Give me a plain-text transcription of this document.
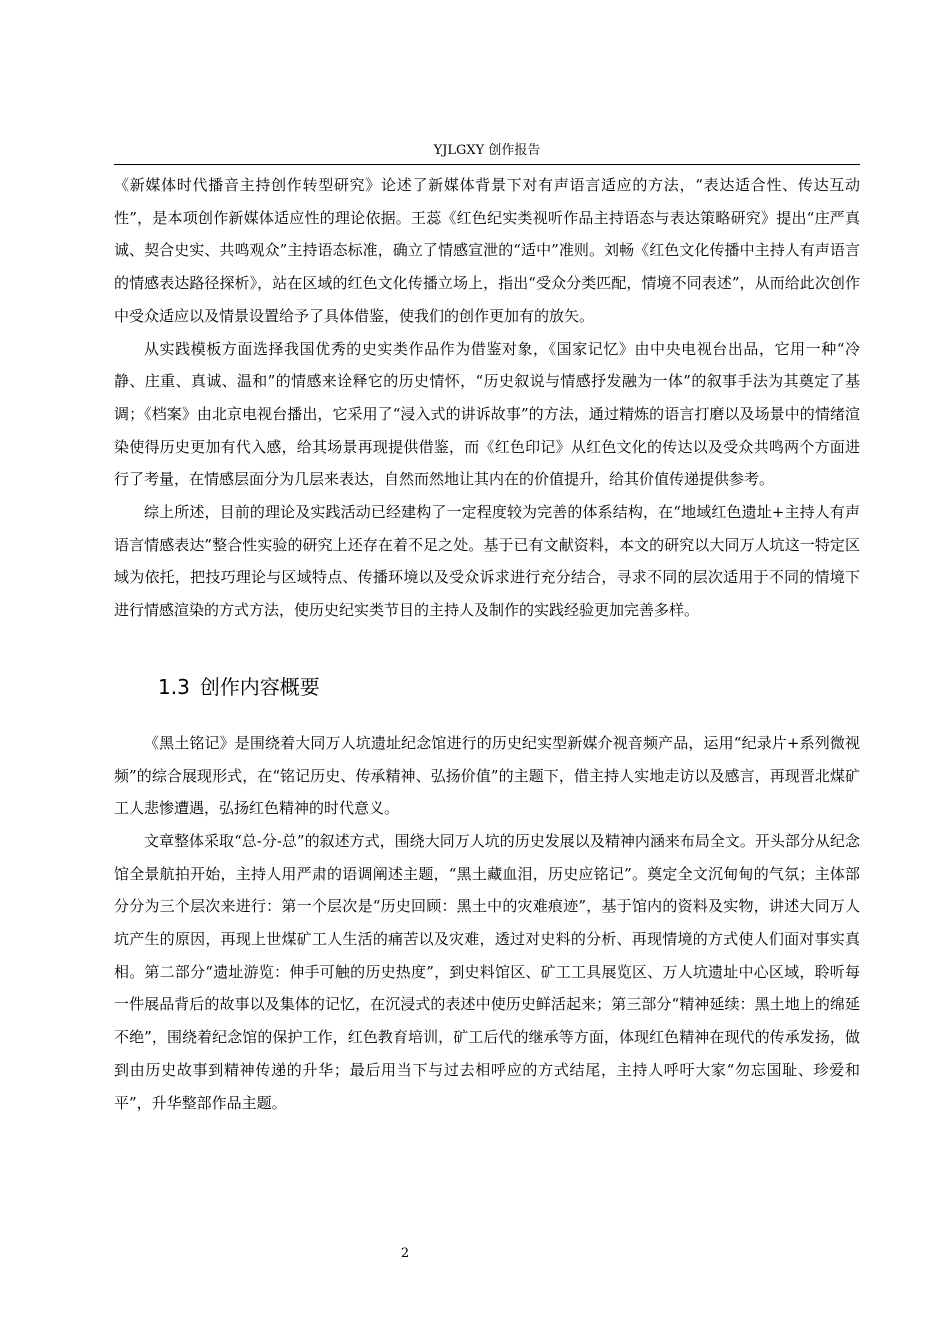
YJLGXY 创作报告

《新媒体时代播音主持创作转型研究》论述了新媒体背景下对有声语言适应的方法，“表达适合性、传达互动性”，是本项创作新媒体适应性的理论依据。王蕊《红色纪实类视听作品主持语态与表达策略研究》提出“庄严真诚、契合史实、共鸣观众”主持语态标准，确立了情感宣泄的“适中”准则。刘畅《红色文化传播中主持人有声语言的情感表达路径探析》，站在区域的红色文化传播立场上，指出“受众分类匹配，情境不同表述”，从而给此次创作中受众适应以及情景设置给予了具体借鉴，使我们的创作更加有的放矢。

从实践模板方面选择我国优秀的史实类作品作为借鉴对象，《国家记忆》由中央电视台出品，它用一种“冷静、庄重、真诚、温和”的情感来诠释它的历史情怀，“历史叙说与情感抒发融为一体”的叙事手法为其奠定了基调；《档案》由北京电视台播出，它采用了“浸入式的讲诉故事”的方法，通过精炼的语言打磨以及场景中的情绪渲染使得历史更加有代入感，给其场景再现提供借鉴，而《红色印记》从红色文化的传达以及受众共鸣两个方面进行了考量，在情感层面分为几层来表达，自然而然地让其内在的价值提升，给其价值传递提供参考。

综上所述，目前的理论及实践活动已经建构了一定程度较为完善的体系结构，在“地域红色遗址+主持人有声语言情感表达”整合性实验的研究上还存在着不足之处。基于已有文献资料，本文的研究以大同万人坑这一特定区域为依托，把技巧理论与区域特点、传播环境以及受众诉求进行充分结合，寻求不同的层次适用于不同的情境下进行情感渲染的方式方法，使历史纪实类节目的主持人及制作的实践经验更加完善多样。

1.3 创作内容概要

《黑土铭记》是围绕着大同万人坑遗址纪念馆进行的历史纪实型新媒介视音频产品，运用“纪录片+系列微视频”的综合展现形式，在“铭记历史、传承精神、弘扬价值”的主题下，借主持人实地走访以及感言，再现晋北煤矿工人悲惨遭遇，弘扬红色精神的时代意义。

文章整体采取“总-分-总”的叙述方式，围绕大同万人坑的历史发展以及精神内涵来布局全文。开头部分从纪念馆全景航拍开始，主持人用严肃的语调阐述主题，“黑土藏血泪，历史应铭记”。奠定全文沉甸甸的气氛；主体部分分为三个层次来进行：第一个层次是“历史回顾：黑土中的灾难痕迹”，基于馆内的资料及实物，讲述大同万人坑产生的原因，再现上世煤矿工人生活的痛苦以及灾难，透过对史料的分析、再现情境的方式使人们面对事实真相。第二部分“遗址游览：伸手可触的历史热度”，到史料馆区、矿工工具展览区、万人坑遗址中心区域，聆听每一件展品背后的故事以及集体的记忆，在沉浸式的表述中使历史鲜活起来；第三部分“精神延续：黑土地上的绵延不绝”，围绕着纪念馆的保护工作，红色教育培训，矿工后代的继承等方面，体现红色精神在现代的传承发扬，做到由历史故事到精神传递的升华；最后用当下与过去相呼应的方式结尾，主持人呼吁大家“勿忘国耻、珍爱和平”，升华整部作品主题。

2
